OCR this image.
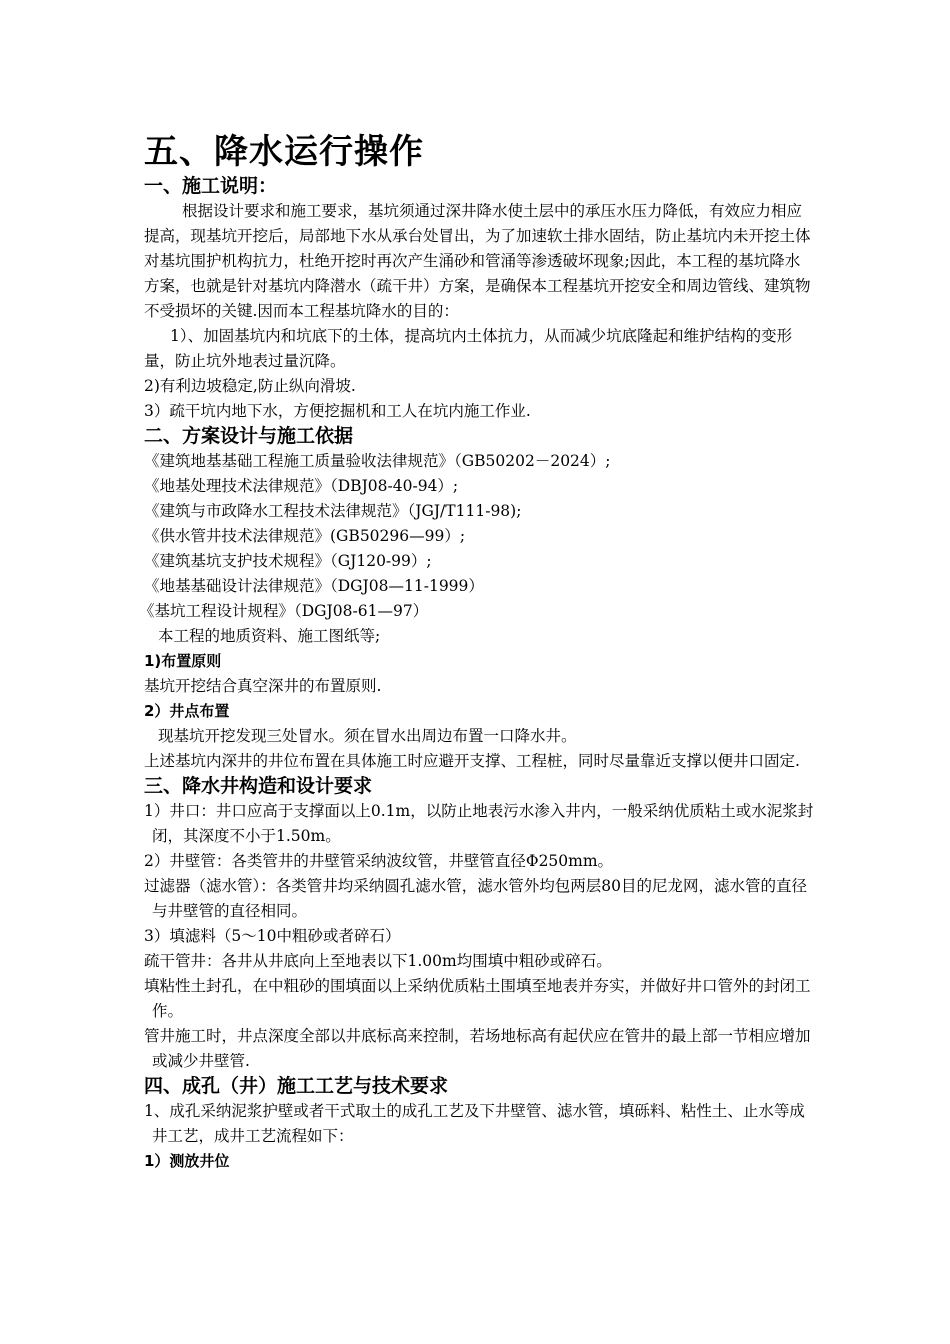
五、降水运行操作
一、施工说明：

根据设计要求和施工要求，基坑须通过深井降水使土层中的承压水压力降低，有效应力相应提高，现基坑开挖后，局部地下水从承台处冒出，为了加速软土排水固结，防止基坑内未开挖土体对基坑围护机构抗力，杜绝开挖时再次产生涌砂和管涌等渗透破坏现象;因此，本工程的基坑降水方案，也就是针对基坑内降潜水（疏干井）方案，是确保本工程基坑开挖安全和周边管线、建筑物不受损坏的关键.因而本工程基坑降水的目的：

1）、加固基坑内和坑底下的土体，提高坑内土体抗力，从而减少坑底隆起和维护结构的变形量，防止坑外地表过量沉降。

2)有利边坡稳定,防止纵向滑坡.

3）疏干坑内地下水，方便挖掘机和工人在坑内施工作业.

二、方案设计与施工依据

《建筑地基基础工程施工质量验收法律规范》（GB50202－2024）;

《地基处理技术法律规范》（DBJ08-40-94）;

《建筑与市政降水工程技术法律规范》（JGJ/T111-98);

《供水管井技术法律规范》(GB50296—99）;

《建筑基坑支护技术规程》（GJ120-99）;

《地基基础设计法律规范》（DGJ08—11-1999）

《基坑工程设计规程》（DGJ08-61—97）

本工程的地质资料、施工图纸等;

1)布置原则

基坑开挖结合真空深井的布置原则.

2）井点布置

现基坑开挖发现三处冒水。须在冒水出周边布置一口降水井。

上述基坑内深井的井位布置在具体施工时应避开支撑、工程桩，同时尽量靠近支撑以便井口固定.

三、降水井构造和设计要求

1）井口：井口应高于支撑面以上0.1m，以防止地表污水渗入井内，一般采纳优质粘土或水泥浆封闭，其深度不小于1.50m。

2）井壁管：各类管井的井壁管采纳波纹管，井壁管直径Φ250mm。

过滤器（滤水管）：各类管井均采纳圆孔滤水管，滤水管外均包两层80目的尼龙网，滤水管的直径与井壁管的直径相同。

3）填滤料（5～10中粗砂或者碎石）

疏干管井：各井从井底向上至地表以下1.00m均围填中粗砂或碎石。

填粘性土封孔，在中粗砂的围填面以上采纳优质粘土围填至地表并夯实，并做好井口管外的封闭工作。

管井施工时，井点深度全部以井底标高来控制，若场地标高有起伏应在管井的最上部一节相应增加或减少井壁管.

四、成孔（井）施工工艺与技术要求

1、成孔采纳泥浆护壁或者干式取土的成孔工艺及下井壁管、滤水管，填砾料、粘性土、止水等成井工艺，成井工艺流程如下：

1）测放井位
